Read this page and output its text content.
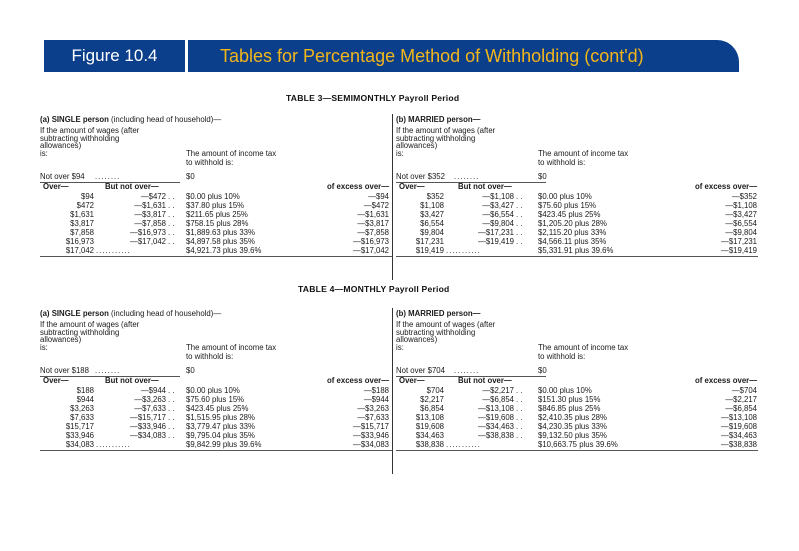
Figure 10.4	Tables for Percentage Method of Withholding (cont'd)
TABLE 3—SEMIMONTHLY Payroll Period
(a) SINGLE person (including head of household)—
If the amount of wages (after
subtracting withholding
allowances)
is:	The amount of income tax
to withhold is:
Not over $94 ........	$0
Over—	But not over—	of excess over—
$94	—$472 . . $0.00 plus 10%	—$94
$472	—$1,631 . . $37.80 plus 15%	—$472
$1,631	—$3,817 . . $211.65 plus 25%	—$1,631
$3,817	—$7,858 . . $758.15 plus 28%	—$3,817
$7,858	—$16,973 . . $1,889.63 plus 33%	—$7,858
$16,973	—$17,042 . . $4,897.58 plus 35%	—$16,973
$17,042 ...........	$4,921.73 plus 39.6%	—$17,042
(b) MARRIED person—
If the amount of wages (after
subtracting withholding
allowances)
is:	The amount of income tax
to withhold is:
Not over $352 ........	$0
Over—	But not over—	of excess over—
$352	—$1,108 . . $0.00 plus 10%	—$352
$1,108	—$3,427 . . $75.60 plus 15%	—$1,108
$3,427	—$6,554 . . $423.45 plus 25%	—$3,427
$6,554	—$9,804 . . $1,205.20 plus 28%	—$6,554
$9,804	—$17,231 . . $2,115.20 plus 33%	—$9,804
$17,231	—$19,419 . . $4,566.11 plus 35%	—$17,231
$19,419 ...........	$5,331.91 plus 39.6%	—$19,419
TABLE 4—MONTHLY Payroll Period
(a) SINGLE person (including head of household)—
If the amount of wages (after
subtracting withholding
allowances)
is:	The amount of income tax
to withhold is:
Not over $188 ........	$0
Over—	But not over—	of excess over—
$188	—$944 . . $0.00 plus 10%	—$188
$944	—$3,263 . . $75.60 plus 15%	—$944
$3,263	—$7,633 . . $423.45 plus 25%	—$3,263
$7,633	—$15,717 . . $1,515.95 plus 28%	—$7,633
$15,717	—$33,946 . . $3,779.47 plus 33%	—$15,717
$33,946	—$34,083 . . $9,795.04 plus 35%	—$33,946
$34,083 ...........	$9,842.99 plus 39.6%	—$34,083
(b) MARRIED person—
If the amount of wages (after
subtracting withholding
allowances)
is:	The amount of income tax
to withhold is:
Not over $704 ........	$0
Over—	But not over—	of excess over—
$704	—$2,217 . . $0.00 plus 10%	—$704
$2,217	—$6,854 . . $151.30 plus 15%	—$2,217
$6,854	—$13,108 . . $846.85 plus 25%	—$6,854
$13,108	—$19,608 . . $2,410.35 plus 28%	—$13,108
$19,608	—$34,463 . . $4,230.35 plus 33%	—$19,608
$34,463	—$38,838 . . $9,132.50 plus 35%	—$34,463
$38,838 ...........	$10,663.75 plus 39.6%	—$38,838
